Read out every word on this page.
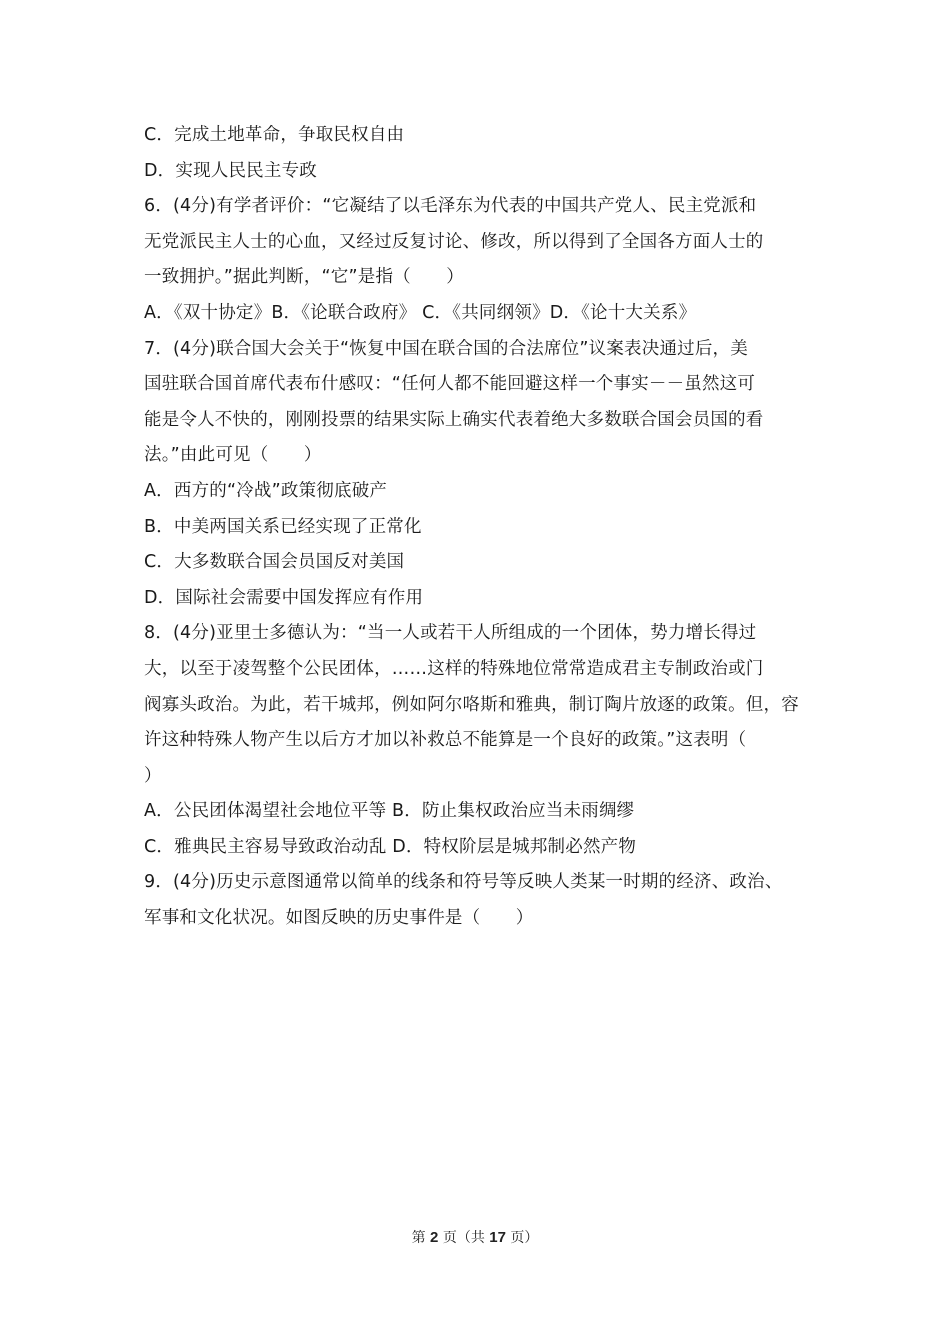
C．完成土地革命，争取民权自由
D．实现人民民主专政
6．(4分)有学者评价：“它凝结了以毛泽东为代表的中国共产党人、民主党派和
无党派民主人士的心血，又经过反复讨论、修改，所以得到了全国各方面人士的
一致拥护。”据此判断，“它”是指（　　）
A．《双十协定》B．《论联合政府》 C．《共同纲领》D．《论十大关系》
7．(4分)联合国大会关于“恢复中国在联合国的合法席位”议案表决通过后，美
国驻联合国首席代表布什感叹：“任何人都不能回避这样一个事实－－虽然这可
能是令人不快的，刚刚投票的结果实际上确实代表着绝大多数联合国会员国的看
法。”由此可见（　　）
A．西方的“冷战”政策彻底破产
B．中美两国关系已经实现了正常化
C．大多数联合国会员国反对美国
D．国际社会需要中国发挥应有作用
8．(4分)亚里士多德认为：“当一人或若干人所组成的一个团体，势力增长得过
大，以至于凌驾整个公民团体，……这样的特殊地位常常造成君主专制政治或门
阀寡头政治。为此，若干城邦，例如阿尔咯斯和雅典，制订陶片放逐的政策。但，容
许这种特殊人物产生以后方才加以补救总不能算是一个良好的政策。”这表明（
）
A．公民团体渴望社会地位平等 B．防止集权政治应当未雨绸缪
C．雅典民主容易导致政治动乱 D．特权阶层是城邦制必然产物
9．(4分)历史示意图通常以简单的线条和符号等反映人类某一时期的经济、政治、
军事和文化状况。如图反映的历史事件是（　　）
第 2 页（共 17 页）
